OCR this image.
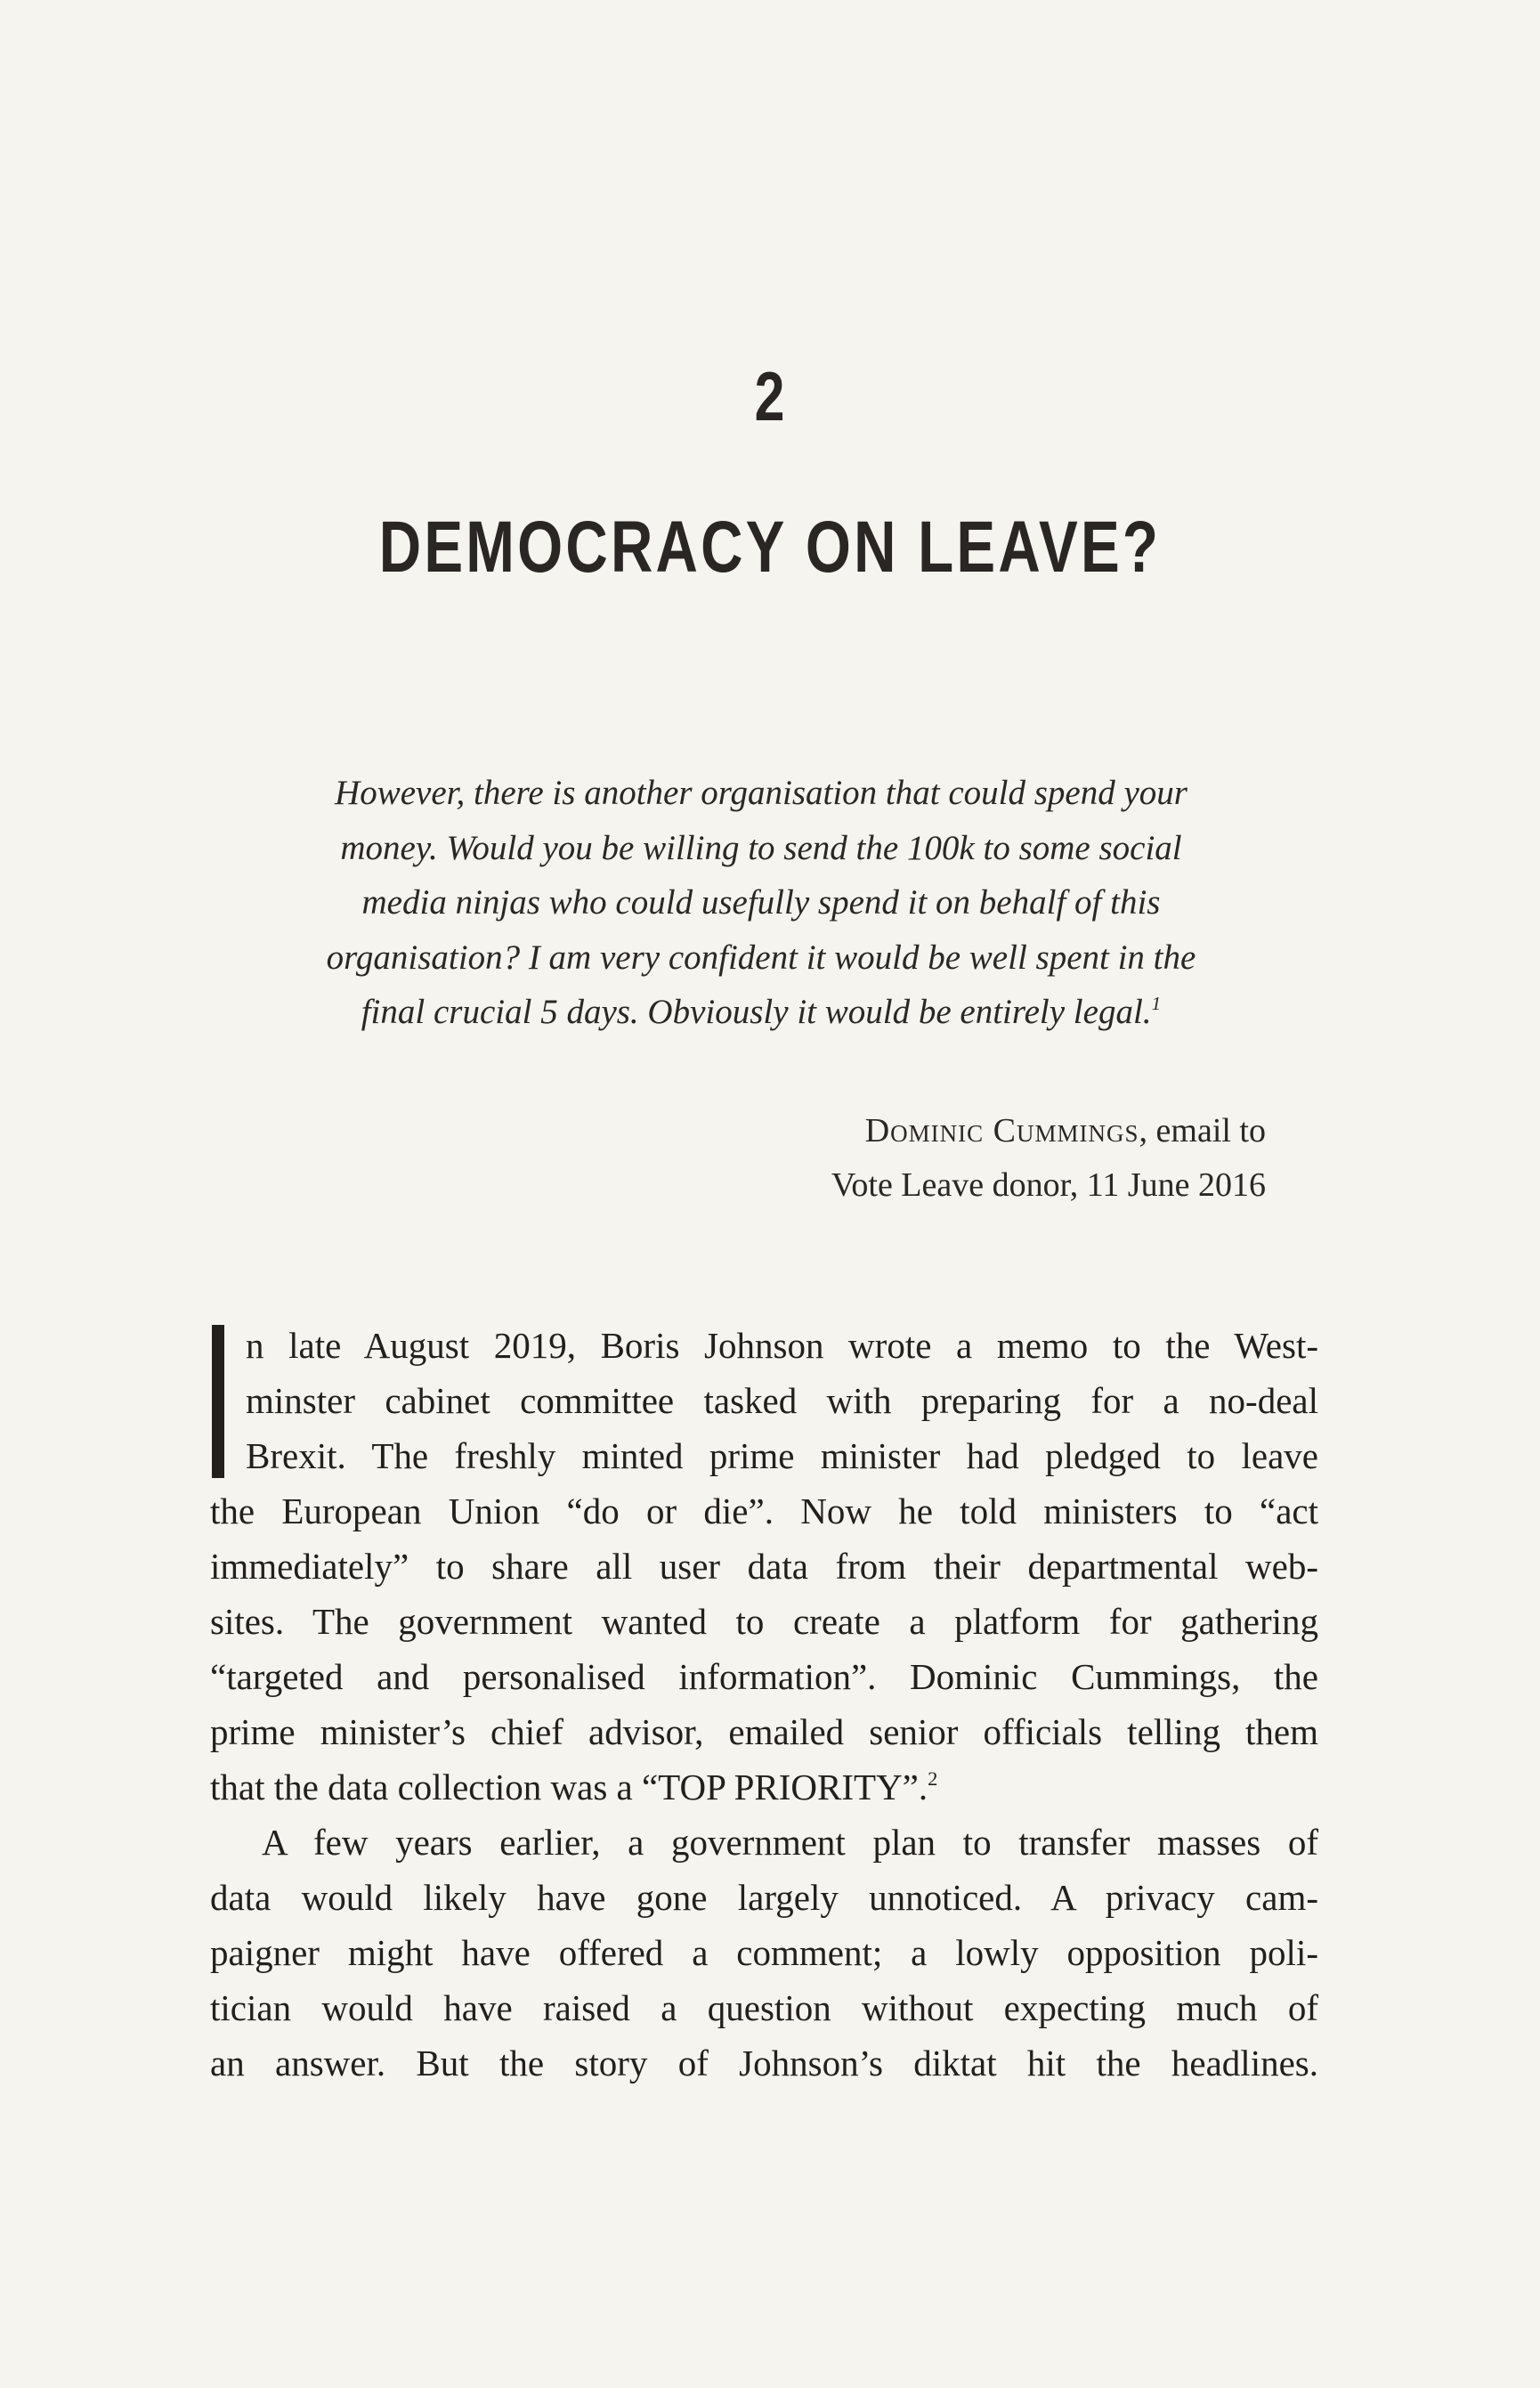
2
DEMOCRACY ON LEAVE?
However, there is another organisation that could spend your
money. Would you be willing to send the 100k to some social
media ninjas who could usefully spend it on behalf of this
organisation? I am very confident it would be well spent in the
final crucial 5 days. Obviously it would be entirely legal.$^1$
Dominic Cummings, email to
Vote Leave donor, 11 June 2016
n late August 2019, Boris Johnson wrote a memo to the West-
minster cabinet committee tasked with preparing for a no-deal
Brexit. The freshly minted prime minister had pledged to leave
the European Union “do or die”. Now he told ministers to “act
immediately” to share all user data from their departmental web-
sites. The government wanted to create a platform for gathering
“targeted and personalised information”. Dominic Cummings, the
prime minister’s chief advisor, emailed senior officials telling them
that the data collection was a “TOP PRIORITY”.$^2$
A few years earlier, a government plan to transfer masses of
data would likely have gone largely unnoticed. A privacy cam-
paigner might have offered a comment; a lowly opposition poli-
tician would have raised a question without expecting much of
an answer. But the story of Johnson’s diktat hit the headlines.
